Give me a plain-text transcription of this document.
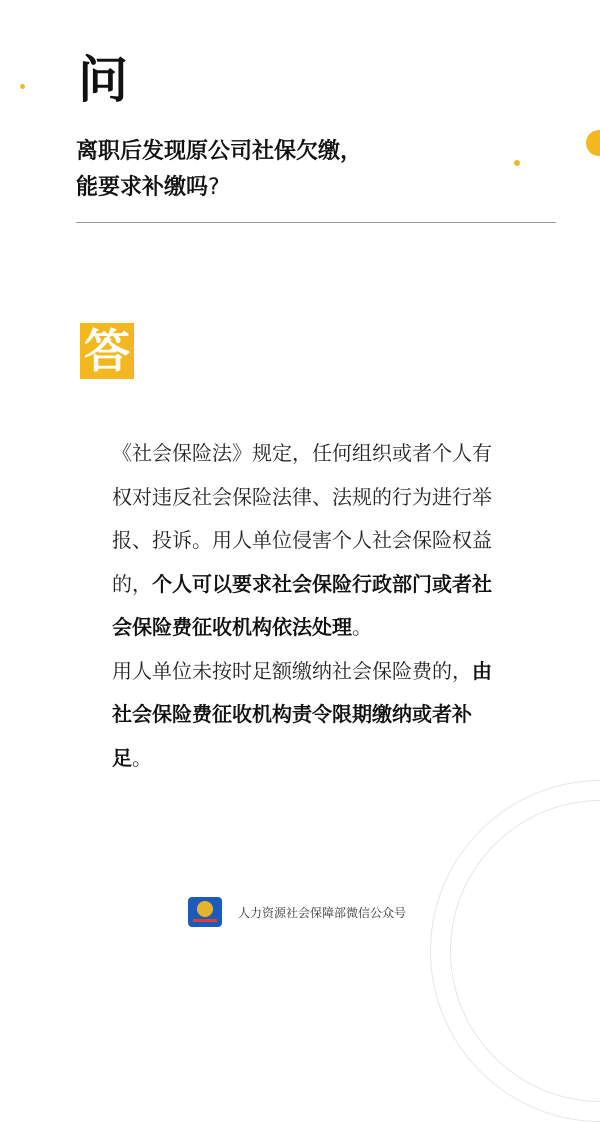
问
离职后发现原公司社保欠缴，
能要求补缴吗?
答

《社会保险法》规定，任何组织或者个人有权对违反社会保险法律、法规的行为进行举报、投诉。用人单位侵害个人社会保险权益的，个人可以要求社会保险行政部门或者社会保险费征收机构依法处理。

用人单位未按时足额缴纳社会保险费的，由社会保险费征收机构责令限期缴纳或者补足。

人力资源社会保障部微信公众号
